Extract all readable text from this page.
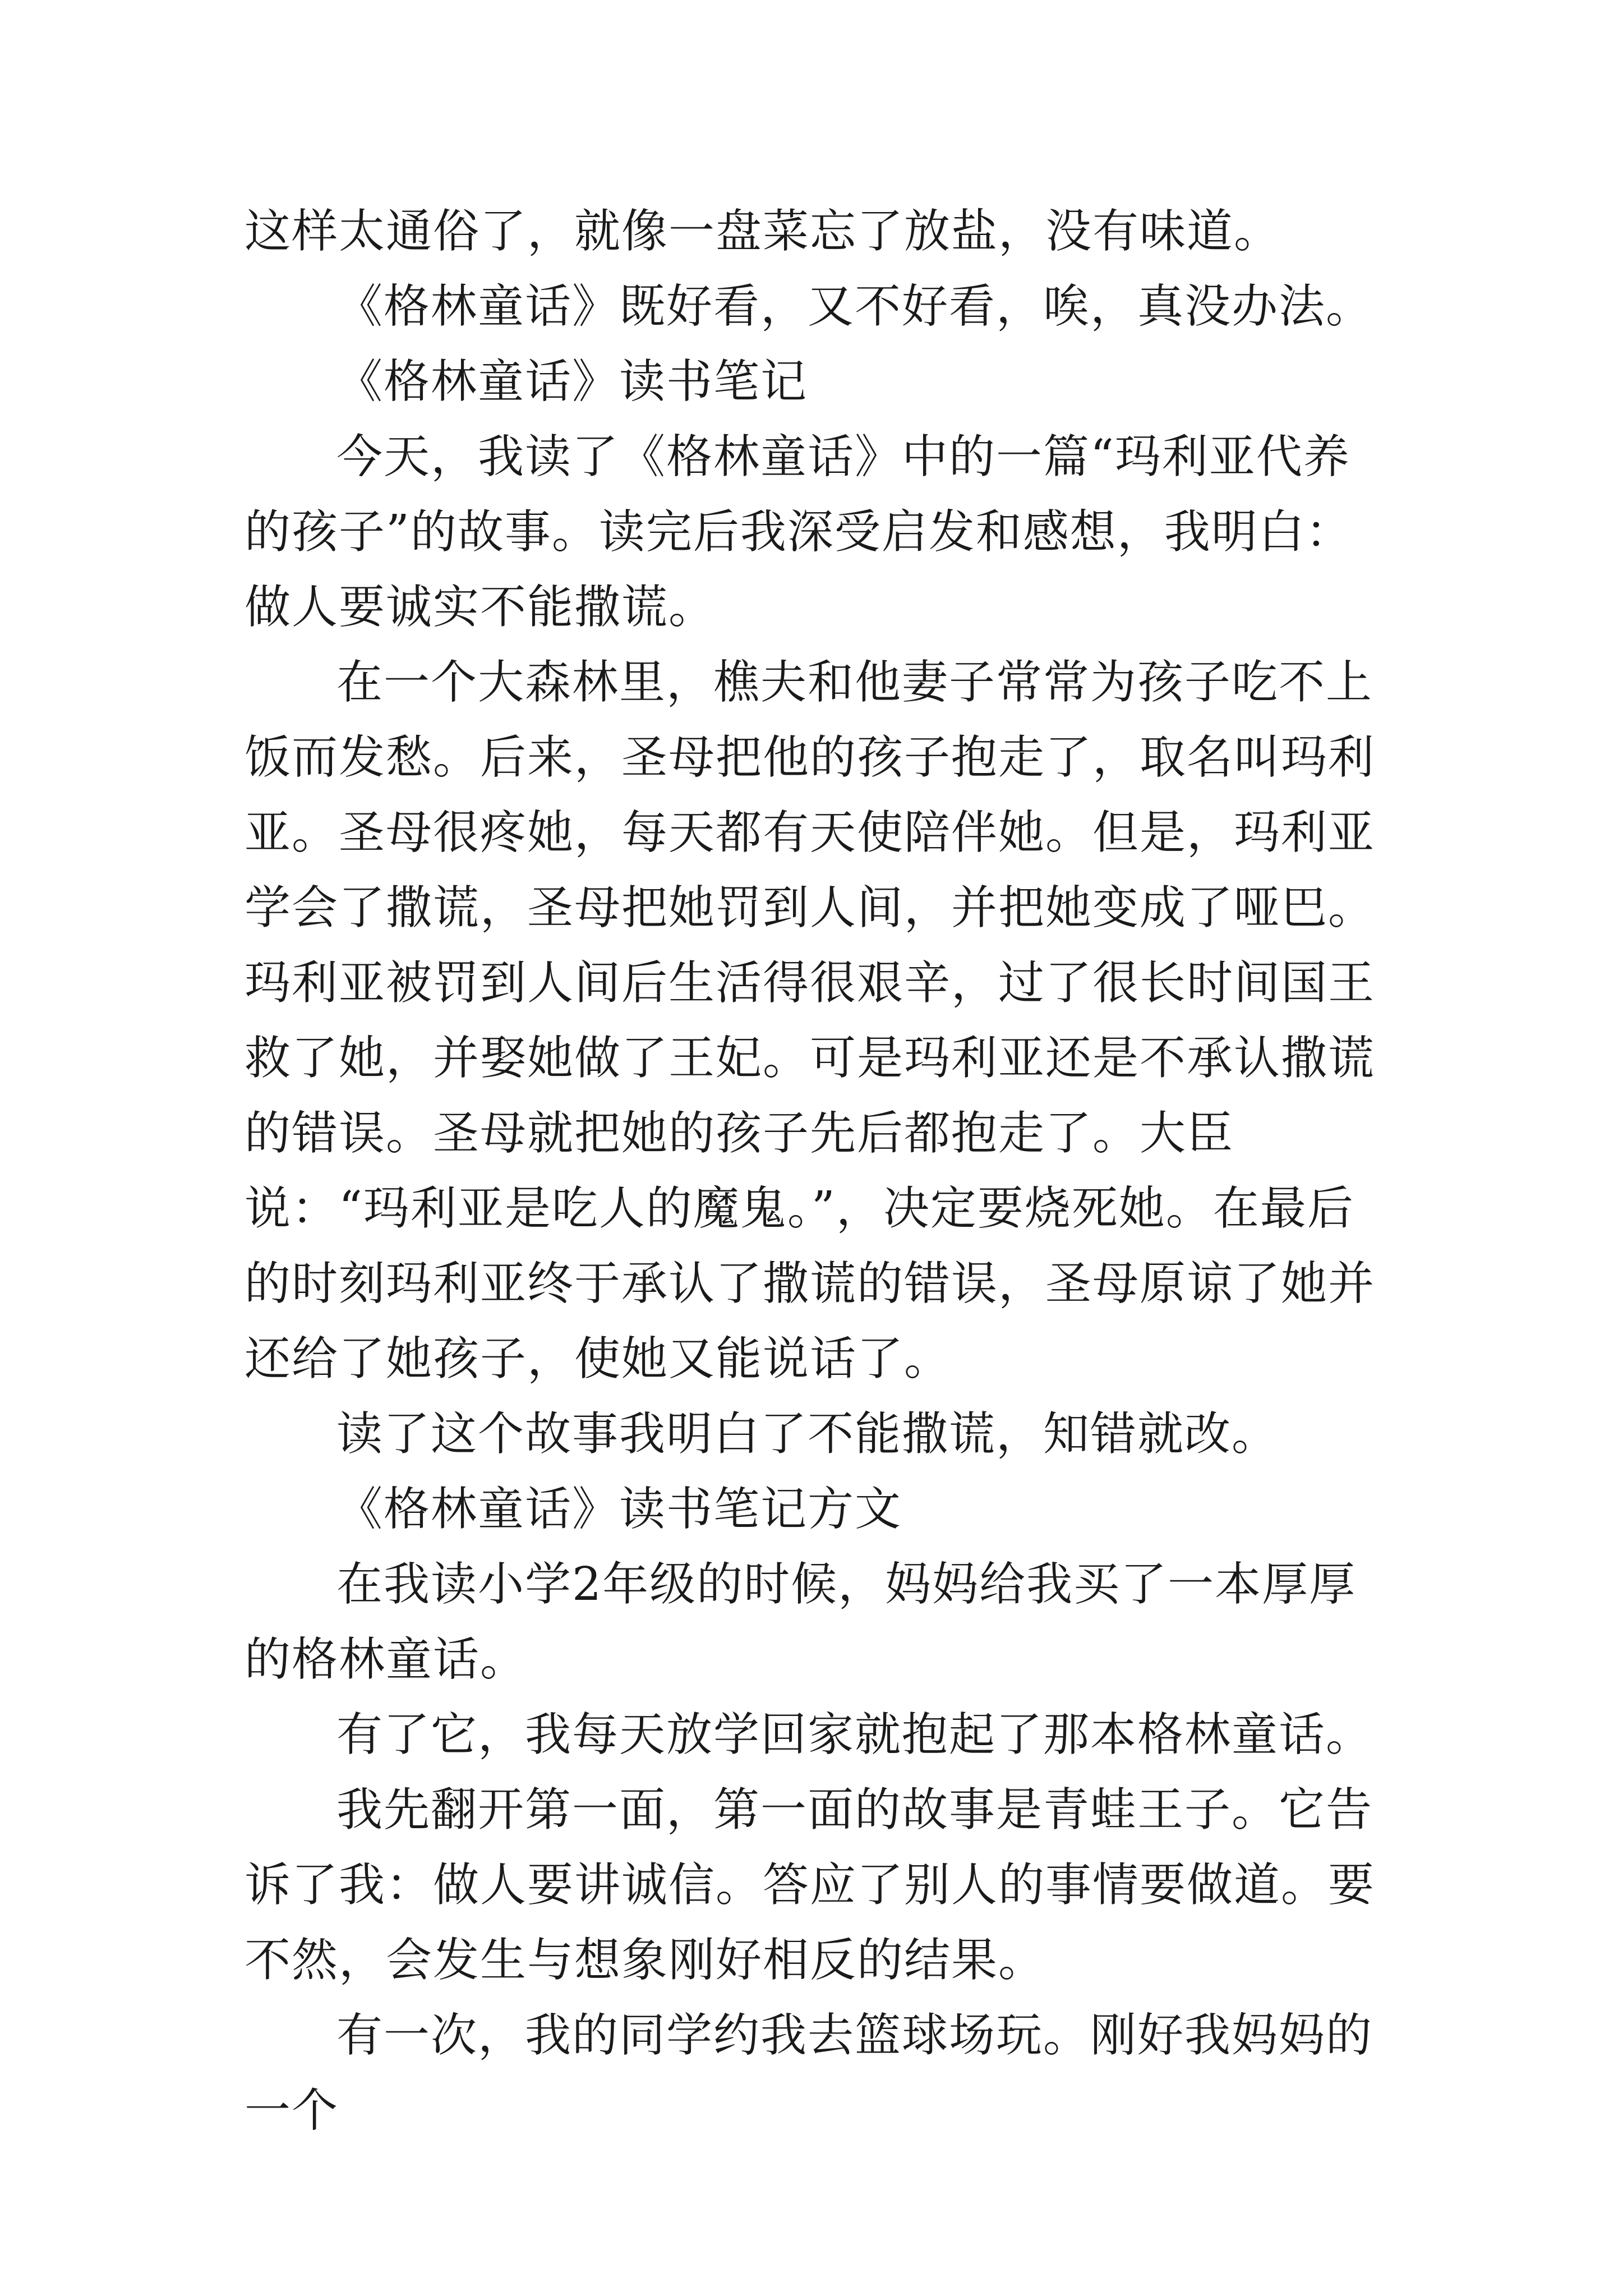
这样太通俗了，就像一盘菜忘了放盐，没有味道。

《格林童话》既好看，又不好看，唉，真没办法。

《格林童话》读书笔记

今天，我读了《格林童话》中的一篇“玛利亚代养的孩子”的故事。读完后我深受启发和感想，我明白：做人要诚实不能撒谎。

在一个大森林里，樵夫和他妻子常常为孩子吃不上饭而发愁。后来，圣母把他的孩子抱走了，取名叫玛利亚。圣母很疼她，每天都有天使陪伴她。但是，玛利亚学会了撒谎，圣母把她罚到人间，并把她变成了哑巴。玛利亚被罚到人间后生活得很艰辛，过了很长时间国王救了她，并娶她做了王妃。可是玛利亚还是不承认撒谎的错误。圣母就把她的孩子先后都抱走了。大臣说：“玛利亚是吃人的魔鬼。”，决定要烧死她。在最后的时刻玛利亚终于承认了撒谎的错误，圣母原谅了她并还给了她孩子，使她又能说话了。

读了这个故事我明白了不能撒谎，知错就改。

《格林童话》读书笔记方文

在我读小学2年级的时候，妈妈给我买了一本厚厚的格林童话。

有了它，我每天放学回家就抱起了那本格林童话。

我先翻开第一面，第一面的故事是青蛙王子。它告诉了我：做人要讲诚信。答应了别人的事情要做道。要不然，会发生与想象刚好相反的结果。

有一次，我的同学约我去篮球场玩。刚好我妈妈的一个
